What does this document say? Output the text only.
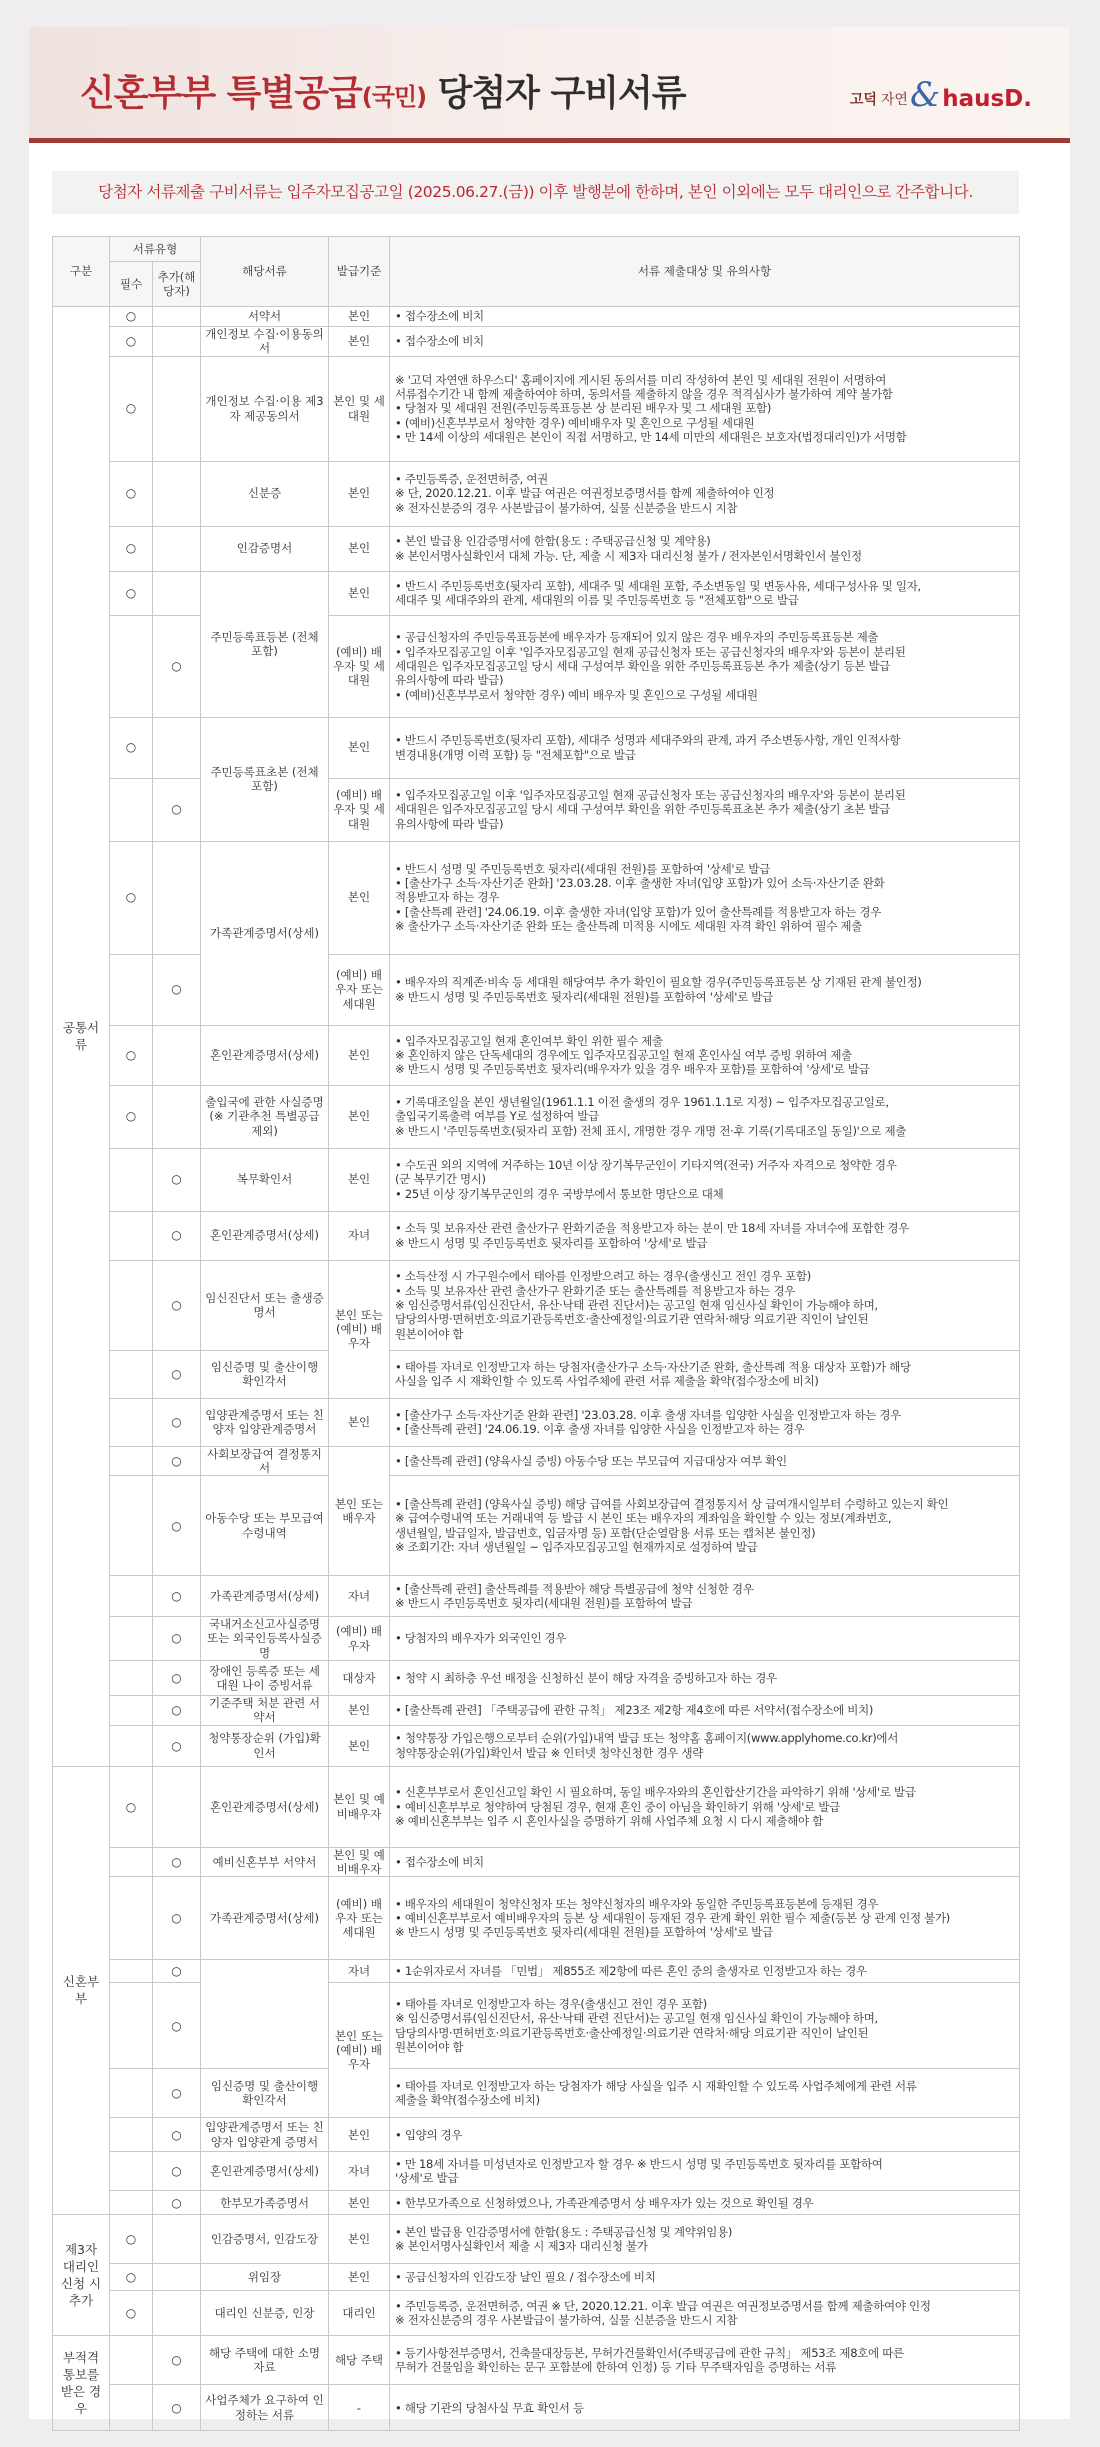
신혼부부 특별공급(국민) 당첨자 구비서류	고덕 자연 & hausD.
당첨자 서류제출 구비서류는 입주자모집공고일 (2025.06.27.(금)) 이후 발행분에 한하며, 본인 이외에는 모두 대리인으로 간주합니다.
구분	서류유형		해당서류	발급기준	서류 제출대상 및 유의사항
	필수	추가(해당자)			
공통서류	○		서약서	본인	• 접수장소에 비치

	○		개인정보 수집·이용동의서	본인	• 접수장소에 비치

	○		개인정보 수집·이용 제3자 제공동의서	본인 및 세대원	※ '고덕 자연앤 하우스디' 홈페이지에 게시된 동의서를 미리 작성하여 본인 및 세대원 전원이 서명하여
서류접수기간 내 함께 제출하여야 하며, 동의서를 제출하지 않을 경우 적격심사가 불가하여 계약 불가함
• 당첨자 및 세대원 전원(주민등록표등본 상 분리된 배우자 및 그 세대원 포함)
• (예비)신혼부부로서 청약한 경우) 예비배우자 및 혼인으로 구성될 세대원
• 만 14세 이상의 세대원은 본인이 직접 서명하고, 만 14세 미만의 세대원은 보호자(법정대리인)가 서명함

	○		신분증	본인	• 주민등록증, 운전면허증, 여권
※ 단, 2020.12.21. 이후 발급 여권은 여권정보증명서를 함께 제출하여야 인정
※ 전자신분증의 경우 사본발급이 불가하여, 실물 신분증을 반드시 지참

	○		인감증명서	본인	• 본인 발급용 인감증명서에 한함(용도 : 주택공급신청 및 계약용)
※ 본인서명사실확인서 대체 가능. 단, 제출 시 제3자 대리신청 불가 / 전자본인서명확인서 불인정

	○		주민등록표등본 (전체 포함)	본인	• 반드시 주민등록번호(뒷자리 포함), 세대주 및 세대원 포함, 주소변동일 및 변동사유, 세대구성사유 및 일자,
세대주 및 세대주와의 관계, 세대원의 이름 및 주민등록번호 등 "전체포함"으로 발급

		○		(예비) 배우자 및 세대원	• 공급신청자의 주민등록표등본에 배우자가 등재되어 있지 않은 경우 배우자의 주민등록표등본 제출
• 입주자모집공고일 이후 '입주자모집공고일 현재 공급신청자 또는 공급신청자의 배우자'와 등본이 분리된
세대원은 입주자모집공고일 당시 세대 구성여부 확인을 위한 주민등록표등본 추가 제출(상기 등본 발급
유의사항에 따라 발급)
• (예비)신혼부부로서 청약한 경우) 예비 배우자 및 혼인으로 구성될 세대원

	○		주민등록표초본 (전체 포함)	본인	• 반드시 주민등록번호(뒷자리 포함), 세대주 성명과 세대주와의 관계, 과거 주소변동사항, 개인 인적사항
변경내용(개명 이력 포함) 등 "전체포함"으로 발급

		○		(예비) 배우자 및 세대원	• 입주자모집공고일 이후 '입주자모집공고일 현재 공급신청자 또는 공급신청자의 배우자'와 등본이 분리된
세대원은 입주자모집공고일 당시 세대 구성여부 확인을 위한 주민등록표초본 추가 제출(상기 초본 발급
유의사항에 따라 발급)

	○		가족관계증명서(상세)	본인	• 반드시 성명 및 주민등록번호 뒷자리(세대원 전원)를 포함하여 '상세'로 발급
• [출산가구 소득·자산기준 완화] '23.03.28. 이후 출생한 자녀(입양 포함)가 있어 소득·자산기준 완화
적용받고자 하는 경우
• [출산특례 관련] '24.06.19. 이후 출생한 자녀(입양 포함)가 있어 출산특례를 적용받고자 하는 경우
※ 출산가구 소득·자산기준 완화 또는 출산특례 미적용 시에도 세대원 자격 확인 위하여 필수 제출

		○		(예비) 배우자 또는 세대원	• 배우자의 직계존·비속 등 세대원 해당여부 추가 확인이 필요할 경우(주민등록표등본 상 기재된 관계 불인정)
※ 반드시 성명 및 주민등록번호 뒷자리(세대원 전원)를 포함하여 '상세'로 발급

	○		혼인관계증명서(상세)	본인	• 입주자모집공고일 현재 혼인여부 확인 위한 필수 제출
※ 혼인하지 않은 단독세대의 경우에도 입주자모집공고일 현재 혼인사실 여부 증빙 위하여 제출
※ 반드시 성명 및 주민등록번호 뒷자리(배우자가 있을 경우 배우자 포함)를 포함하여 '상세'로 발급

	○		출입국에 관한 사실증명 (※ 기관추천 특별공급 제외)	본인	• 기록대조일을 본인 생년월일(1961.1.1 이전 출생의 경우 1961.1.1로 지정) ~ 입주자모집공고일로,
출입국기록출력 여부를 Y로 설정하여 발급
※ 반드시 '주민등록번호(뒷자리 포함) 전체 표시, 개명한 경우 개명 전·후 기록(기록대조일 동일)'으로 제출

		○	복무확인서	본인	• 수도권 외의 지역에 거주하는 10년 이상 장기복무군인이 기타지역(전국) 거주자 자격으로 청약한 경우
(군 복무기간 명시)
• 25년 이상 장기복무군인의 경우 국방부에서 통보한 명단으로 대체

		○	혼인관계증명서(상세)	자녀	• 소득 및 보유자산 관련 출산가구 완화기준을 적용받고자 하는 분이 만 18세 자녀를 자녀수에 포함한 경우
※ 반드시 성명 및 주민등록번호 뒷자리를 포함하여 '상세'로 발급

		○	임신진단서 또는 출생증명서	본인 또는 (예비) 배우자	• 소득산정 시 가구원수에서 태아를 인정받으려고 하는 경우(출생신고 전인 경우 포함)
• 소득 및 보유자산 관련 출산가구 완화기준 또는 출산특례를 적용받고자 하는 경우
※ 임신증명서류(임신진단서, 유산·낙태 관련 진단서)는 공고일 현재 임신사실 확인이 가능해야 하며,
담당의사명·면허번호·의료기관등록번호·출산예정일·의료기관 연락처·해당 의료기관 직인이 날인된
원본이어야 함

		○	임신증명 및 출산이행 확인각서		• 태아를 자녀로 인정받고자 하는 당첨자(출산가구 소득·자산기준 완화, 출산특례 적용 대상자 포함)가 해당
사실을 입주 시 재확인할 수 있도록 사업주체에 관련 서류 제출을 확약(접수장소에 비치)

		○	입양관계증명서 또는 친양자 입양관계증명서	본인	• [출산가구 소득·자산기준 완화 관련] '23.03.28. 이후 출생 자녀를 입양한 사실을 인정받고자 하는 경우
• [출산특례 관련] '24.06.19. 이후 출생 자녀를 입양한 사실을 인정받고자 하는 경우

		○	사회보장급여 결정통지서	본인 또는 배우자	• [출산특례 관련] (양육사실 증빙) 아동수당 또는 부모급여 지급대상자 여부 확인

		○	아동수당 또는 부모급여 수령내역		• [출산특례 관련] (양육사실 증빙) 해당 급여를 사회보장급여 결정통지서 상 급여개시일부터 수령하고 있는지 확인
※ 급여수령내역 또는 거래내역 등 발급 시 본인 또는 배우자의 계좌임을 확인할 수 있는 정보(계좌번호,
생년월일, 발급일자, 발급번호, 입금자명 등) 포함(단순열람용 서류 또는 캡처본 불인정)
※ 조회기간: 자녀 생년월일 ~ 입주자모집공고일 현재까지로 설정하여 발급

		○	가족관계증명서(상세)	자녀	• [출산특례 관련] 출산특례를 적용받아 해당 특별공급에 청약 신청한 경우
※ 반드시 주민등록번호 뒷자리(세대원 전원)를 포함하여 발급

		○	국내거소신고사실증명 또는 외국인등록사실증명	(예비) 배우자	• 당첨자의 배우자가 외국인인 경우

		○	장애인 등록증 또는 세대원 나이 증빙서류	대상자	• 청약 시 최하층 우선 배정을 신청하신 분이 해당 자격을 증빙하고자 하는 경우

		○	기준주택 처분 관련 서약서	본인	• [출산특례 관련] 「주택공급에 관한 규칙」 제23조 제2항 제4호에 따른 서약서(접수장소에 비치)

		○	청약통장순위 (가입)확인서	본인	• 청약통장 가입은행으로부터 순위(가입)내역 발급 또는 청약홈 홈페이지(www.applyhome.co.kr)에서
청약통장순위(가입)확인서 발급 ※ 인터넷 청약신청한 경우 생략

신혼부부	○		혼인관계증명서(상세)	본인 및 예비배우자	• 신혼부부로서 혼인신고일 확인 시 필요하며, 동일 배우자와의 혼인합산기간을 파악하기 위해 '상세'로 발급
• 예비신혼부부로 청약하여 당첨된 경우, 현재 혼인 중이 아님을 확인하기 위해 '상세'로 발급
※ 예비신혼부부는 입주 시 혼인사실을 증명하기 위해 사업주체 요청 시 다시 제출해야 함

		○	예비신혼부부 서약서	본인 및 예비배우자	• 접수장소에 비치

		○	가족관계증명서(상세)	(예비) 배우자 또는 세대원	• 배우자의 세대원이 청약신청자 또는 청약신청자의 배우자와 동일한 주민등록표등본에 등재된 경우
• 예비신혼부부로서 예비배우자의 등본 상 세대원이 등재된 경우 관계 확인 위한 필수 제출(등본 상 관계 인정 불가)
※ 반드시 성명 및 주민등록번호 뒷자리(세대원 전원)를 포함하여 '상세'로 발급

		○		자녀	• 1순위자로서 자녀를 「민법」 제855조 제2항에 따른 혼인 중의 출생자로 인정받고자 하는 경우

		○		본인 또는 (예비) 배우자	• 태아를 자녀로 인정받고자 하는 경우(출생신고 전인 경우 포함)
※ 임신증명서류(임신진단서, 유산·낙태 관련 진단서)는 공고일 현재 임신사실 확인이 가능해야 하며,
담당의사명·면허번호·의료기관등록번호·출산예정일·의료기관 연락처·해당 의료기관 직인이 날인된
원본이어야 함

		○	임신증명 및 출산이행 확인각서		• 태아를 자녀로 인정받고자 하는 당첨자가 해당 사실을 입주 시 재확인할 수 있도록 사업주체에게 관련 서류
제출을 확약(접수장소에 비치)

		○	입양관계증명서 또는 친양자 입양관계 증명서	본인	• 입양의 경우

		○	혼인관계증명서(상세)	자녀	• 만 18세 자녀를 미성년자로 인정받고자 할 경우 ※ 반드시 성명 및 주민등록번호 뒷자리를 포함하여
'상세'로 발급

		○	한부모가족증명서	본인	• 한부모가족으로 신청하였으나, 가족관계증명서 상 배우자가 있는 것으로 확인될 경우

제3자 대리인 신청 시 추가	○		인감증명서, 인감도장	본인	• 본인 발급용 인감증명서에 한함(용도 : 주택공급신청 및 계약위임용)
※ 본인서명사실확인서 제출 시 제3자 대리신청 불가

	○		위임장	본인	• 공급신청자의 인감도장 날인 필요 / 접수장소에 비치

	○		대리인 신분증, 인장	대리인	• 주민등록증, 운전면허증, 여권 ※ 단, 2020.12.21. 이후 발급 여권은 여권정보증명서를 함께 제출하여야 인정
※ 전자신분증의 경우 사본발급이 불가하여, 실물 신분증을 반드시 지참

부적격 통보를 받은 경우		○	해당 주택에 대한 소명자료	해당 주택	• 등기사항전부증명서, 건축물대장등본, 무허가건물확인서(주택공급에 관한 규칙」 제53조 제8호에 따른
무허가 건물임을 확인하는 문구 포함분에 한하여 인정) 등 기타 무주택자임을 증명하는 서류

		○	사업주체가 요구하여 인정하는 서류	-	• 해당 기관의 당첨사실 무효 확인서 등
